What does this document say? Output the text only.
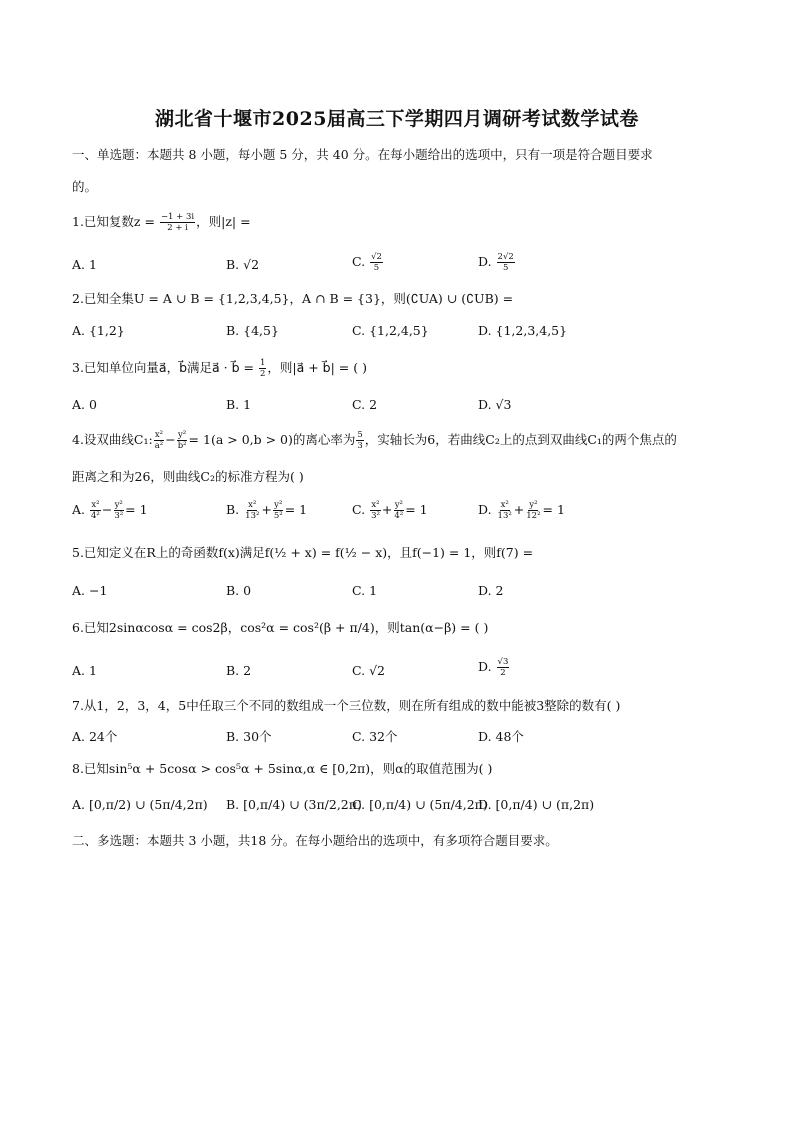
湖北省十堰市2025届高三下学期四月调研考试数学试卷
一、单选题：本题共 8 小题，每小题 5 分，共 40 分。在每小题给出的选项中，只有一项是符合题目要求
的。
1.已知复数$z = \frac{-1 + 3i}{2 + i}$ ，则|z| =
A. 1	B. √2	C. $\frac{√2}{5}$	D. $\frac{2√2}{5}$
2.已知全集U = A ∪ B = {1,2,3,4,5}，A ∩ B = {3}，则(∁UA) ∪ (∁UB) =
A. {1,2}	B. {4,5}	C. {1,2,4,5}	D. {1,2,3,4,5}
3.已知单位向量a⃗，b⃗满足a⃗ · b⃗ = $\frac{1}{2}$ ，则|a⃗ + b⃗| = ( )
A. 0	B. 1	C. 2	D. √3
4.设双曲线C₁: $\frac{\text{x²}}{\text{a²}} - \frac{\text{y²}}{\text{b²}} = 1(a > 0,b > 0)$的离心率为 $\frac{5}{3}$ ，实轴长为6，若曲线C₂上的点到双曲线C₁的两个焦点的
距离之和为26，则曲线C₂的标准方程为( )
A. $\frac{\text{x²}}{\text{4²}} - \frac{\text{y²}}{\text{3²}} = 1$	B. $\frac{\text{x²}}{\text{13²}} + \frac{\text{y²}}{\text{5²}} = 1$	C. $\frac{\text{x²}}{\text{3²}} + \frac{\text{y²}}{\text{4²}} = 1$	D. $\frac{\text{x²}}{\text{13²}} + \frac{\text{y²}}{\text{12²}} = 1$
5.已知定义在R上的奇函数f(x)满足f(½ + x) = f(½ − x)，且f(−1) = 1，则f(7) =
A. −1	B. 0	C. 1	D. 2
6.已知2sinαcosα = cos2β，cos²α = cos²(β + π/4)，则tan(α−β) = ( )
A. 1	B. 2	C. √2	D. $\frac{√3}{2}$
7.从1，2，3，4，5中任取三个不同的数组成一个三位数，则在所有组成的数中能被3整除的数有( )
A. 24个	B. 30个	C. 32个	D. 48个
8.已知sin⁵α + 5cosα > cos⁵α + 5sinα,α ∈ [0,2π)，则α的取值范围为( )
A. [0,π/2) ∪ (5π/4,2π) B. [0,π/4) ∪ (3π/2,2π)
C. [0,π/4) ∪ (5π/4,2π)
D. [0,π/4) ∪ (π,2π)
二、多选题：本题共 3 小题，共18 分。在每小题给出的选项中，有多项符合题目要求。
